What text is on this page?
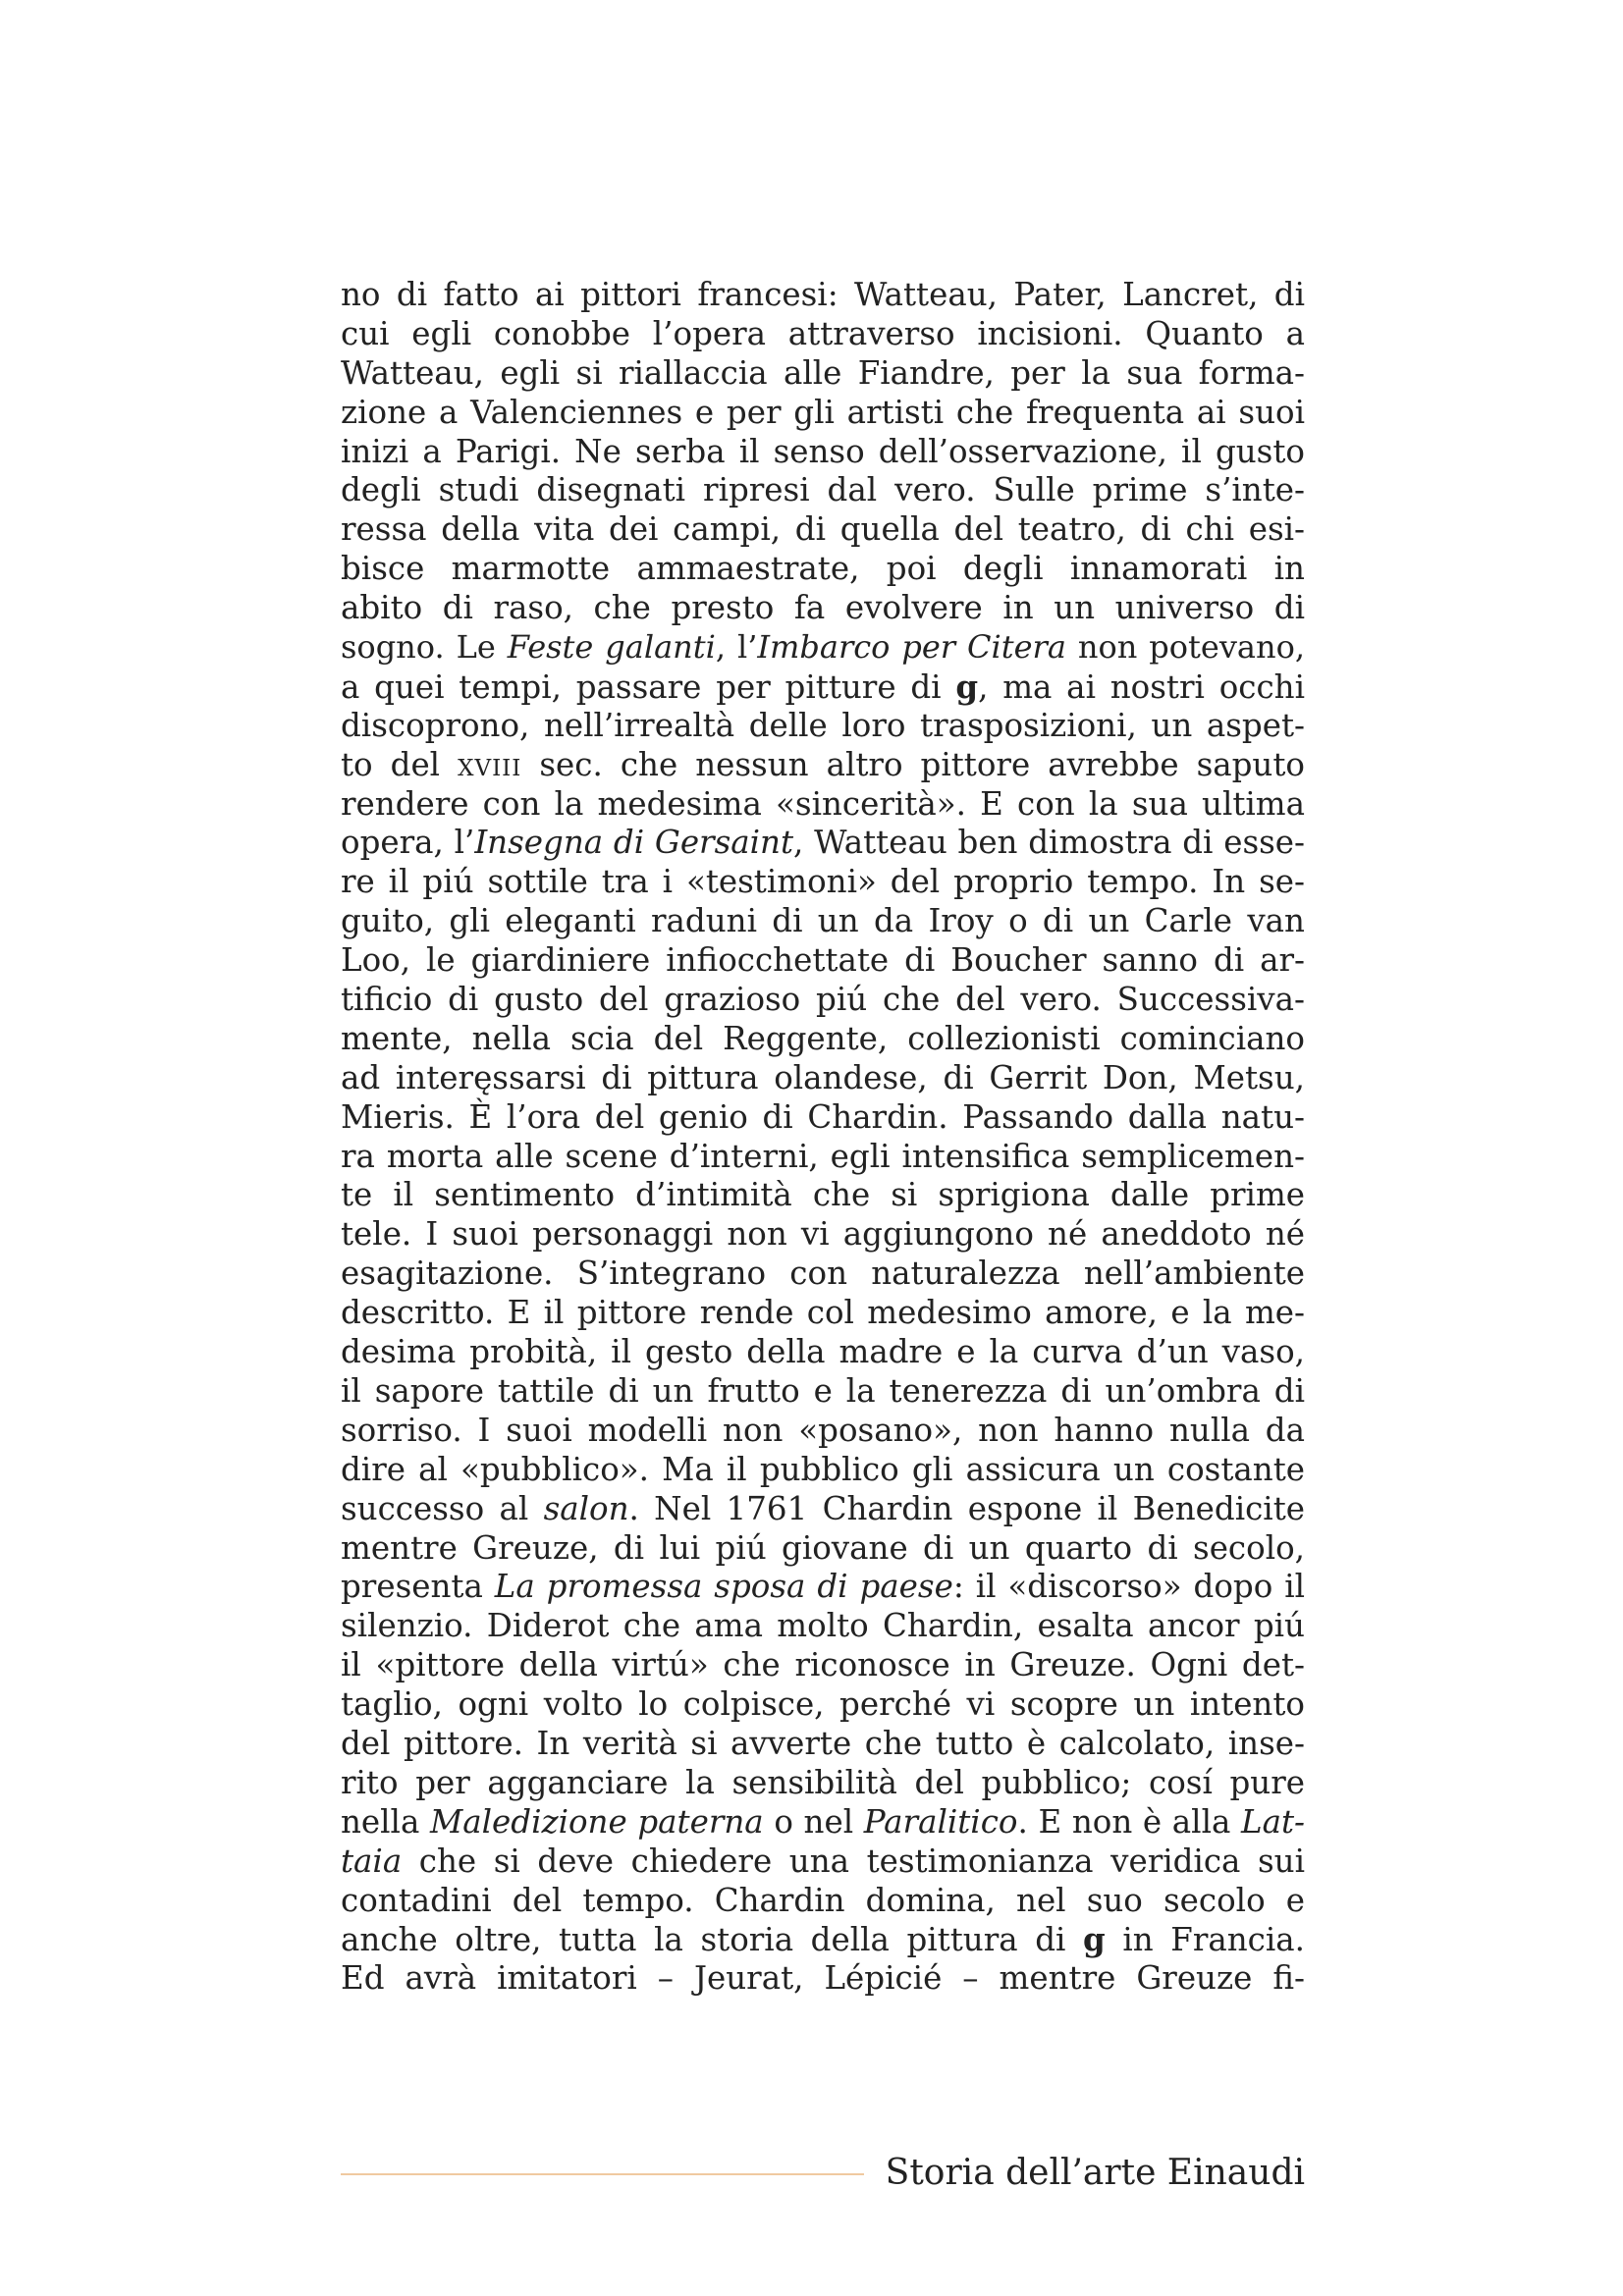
no di fatto ai pittori francesi: Watteau, Pater, Lancret, di
cui egli conobbe l’opera attraverso incisioni. Quanto a
Watteau, egli si riallaccia alle Fiandre, per la sua forma-
zione a Valenciennes e per gli artisti che frequenta ai suoi
inizi a Parigi. Ne serba il senso dell’osservazione, il gusto
degli studi disegnati ripresi dal vero. Sulle prime s’inte-
ressa della vita dei campi, di quella del teatro, di chi esi-
bisce marmotte ammaestrate, poi degli innamorati in
abito di raso, che presto fa evolvere in un universo di
sogno. Le Feste galanti, l’Imbarco per Citera non potevano,
a quei tempi, passare per pitture di g, ma ai nostri occhi
discoprono, nell’irrealtà delle loro trasposizioni, un aspet-
to del xviii sec. che nessun altro pittore avrebbe saputo
rendere con la medesima «sincerità». E con la sua ultima
opera, l’Insegna di Gersaint, Watteau ben dimostra di esse-
re il piú sottile tra i «testimoni» del proprio tempo. In se-
guito, gli eleganti raduni di un da Iroy o di un Carle van
Loo, le giardiniere infiocchettate di Boucher sanno di ar-
tificio di gusto del grazioso piú che del vero. Successiva-
mente, nella scia del Reggente, collezionisti cominciano
ad interęssarsi di pittura olandese, di Gerrit Don, Metsu,
Mieris. È l’ora del genio di Chardin. Passando dalla natu-
ra morta alle scene d’interni, egli intensifica semplicemen-
te il sentimento d’intimità che si sprigiona dalle prime
tele. I suoi personaggi non vi aggiungono né aneddoto né
esagitazione. S’integrano con naturalezza nell’ambiente
descritto. E il pittore rende col medesimo amore, e la me-
desima probità, il gesto della madre e la curva d’un vaso,
il sapore tattile di un frutto e la tenerezza di un’ombra di
sorriso. I suoi modelli non «posano», non hanno nulla da
dire al «pubblico». Ma il pubblico gli assicura un costante
successo al salon. Nel 1761 Chardin espone il Benedicite
mentre Greuze, di lui piú giovane di un quarto di secolo,
presenta La promessa sposa di paese: il «discorso» dopo il
silenzio. Diderot che ama molto Chardin, esalta ancor piú
il «pittore della virtú» che riconosce in Greuze. Ogni det-
taglio, ogni volto lo colpisce, perché vi scopre un intento
del pittore. In verità si avverte che tutto è calcolato, inse-
rito per agganciare la sensibilità del pubblico; cosí pure
nella Maledizione paterna o nel Paralitico. E non è alla Lat-
taia che si deve chiedere una testimonianza veridica sui
contadini del tempo. Chardin domina, nel suo secolo e
anche oltre, tutta la storia della pittura di g in Francia.
Ed avrà imitatori – Jeurat, Lépicié – mentre Greuze fi-
Storia dell’arte Einaudi
